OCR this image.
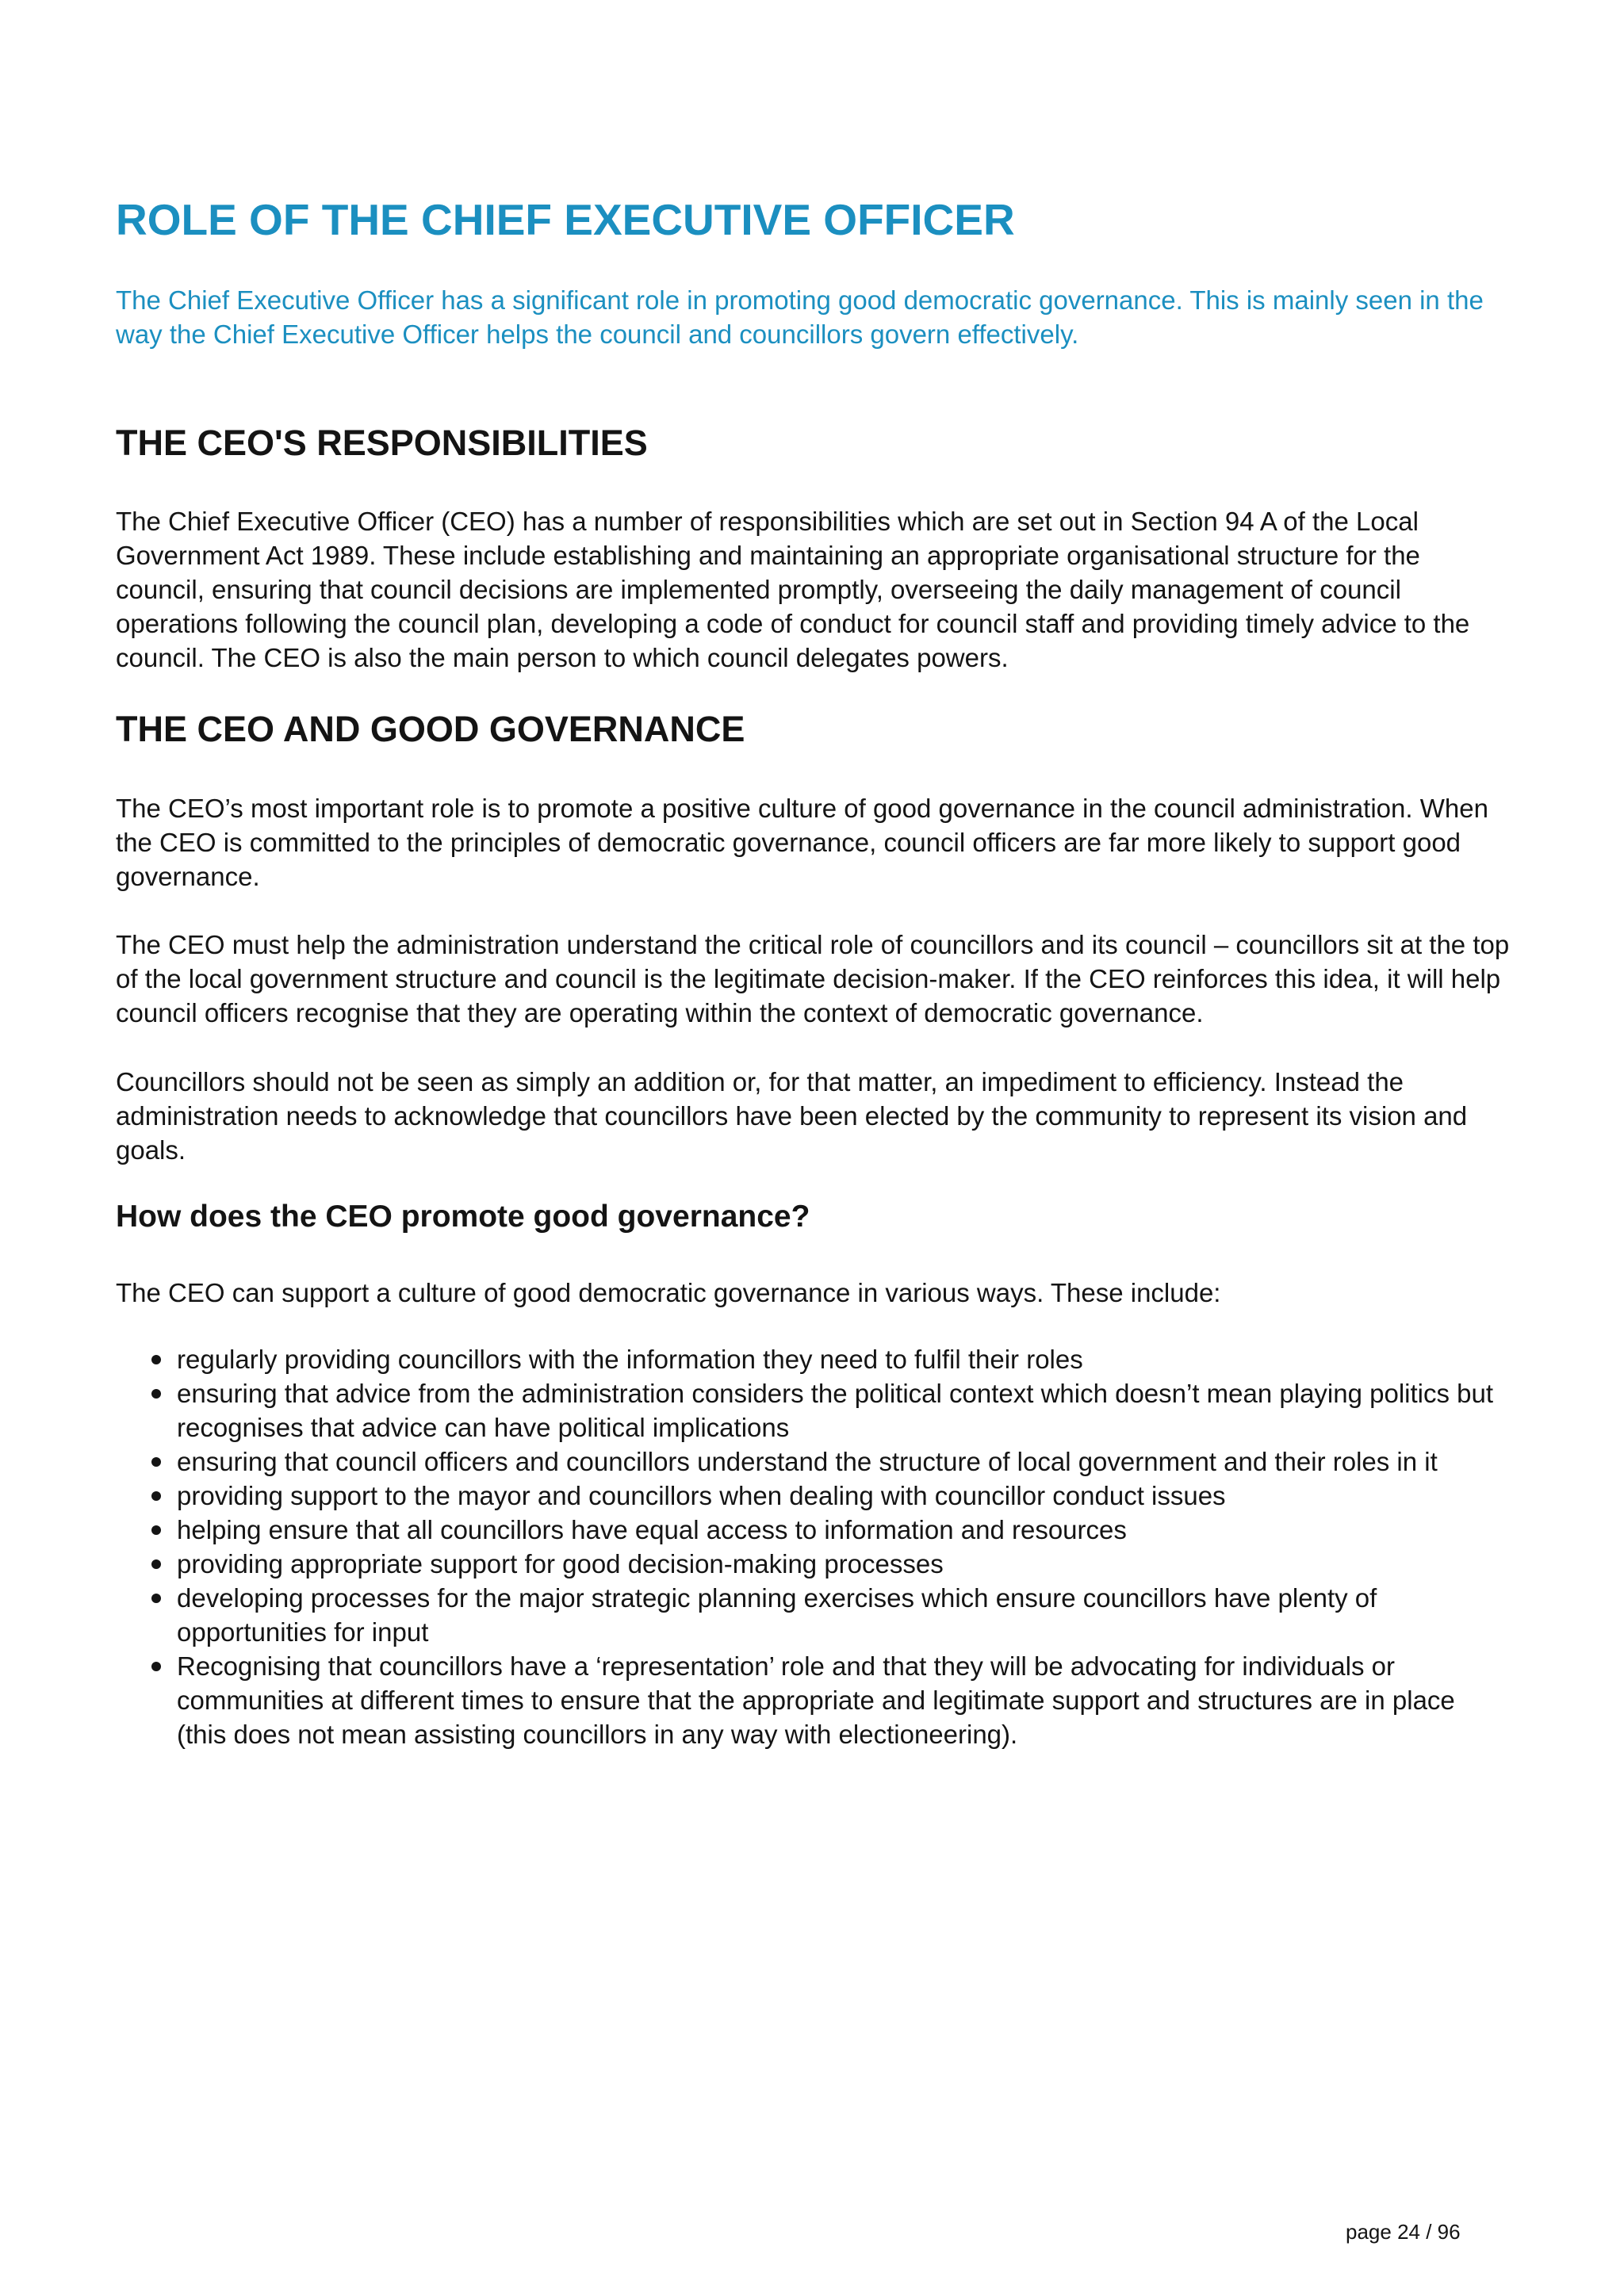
ROLE OF THE CHIEF EXECUTIVE OFFICER

The Chief Executive Officer has a significant role in promoting good democratic governance. This is mainly seen in the way the Chief Executive Officer helps the council and councillors govern effectively.

THE CEO'S RESPONSIBILITIES

The Chief Executive Officer (CEO) has a number of responsibilities which are set out in Section 94 A of the Local Government Act 1989. These include establishing and maintaining an appropriate organisational structure for the council, ensuring that council decisions are implemented promptly, overseeing the daily management of council operations following the council plan, developing a code of conduct for council staff and providing timely advice to the council. The CEO is also the main person to which council delegates powers.

THE CEO AND GOOD GOVERNANCE

The CEO’s most important role is to promote a positive culture of good governance in the council administration. When the CEO is committed to the principles of democratic governance, council officers are far more likely to support good governance.

The CEO must help the administration understand the critical role of councillors and its council – councillors sit at the top of the local government structure and council is the legitimate decision-maker. If the CEO reinforces this idea, it will help council officers recognise that they are operating within the context of democratic governance.

Councillors should not be seen as simply an addition or, for that matter, an impediment to efficiency. Instead the administration needs to acknowledge that councillors have been elected by the community to represent its vision and goals.

How does the CEO promote good governance?

The CEO can support a culture of good democratic governance in various ways. These include:

regularly providing councillors with the information they need to fulfil their roles
ensuring that advice from the administration considers the political context which doesn’t mean playing politics but recognises that advice can have political implications
ensuring that council officers and councillors understand the structure of local government and their roles in it
providing support to the mayor and councillors when dealing with councillor conduct issues
helping ensure that all councillors have equal access to information and resources
providing appropriate support for good decision-making processes
developing processes for the major strategic planning exercises which ensure councillors have plenty of opportunities for input
Recognising that councillors have a ‘representation’ role and that they will be advocating for individuals or communities at different times to ensure that the appropriate and legitimate support and structures are in place (this does not mean assisting councillors in any way with electioneering).
page 24 / 96
